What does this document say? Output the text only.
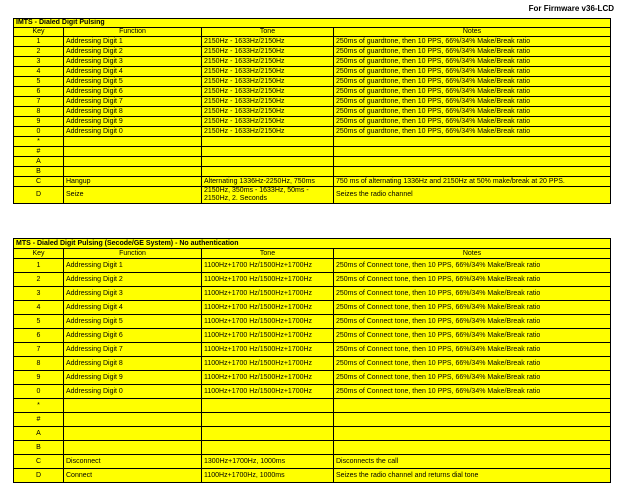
For Firmware v36-LCD
IMTS - Dialed Digit Pulsing			
Key	Function	Tone	Notes
1	Addressing Digit 1	2150Hz - 1633Hz/2150Hz	250ms of guardtone, then 10 PPS, 66%/34% Make/Break ratio
2	Addressing Digit 2	2150Hz - 1633Hz/2150Hz	250ms of guardtone, then 10 PPS, 66%/34% Make/Break ratio
3	Addressing Digit 3	2150Hz - 1633Hz/2150Hz	250ms of guardtone, then 10 PPS, 66%/34% Make/Break ratio
4	Addressing Digit 4	2150Hz - 1633Hz/2150Hz	250ms of guardtone, then 10 PPS, 66%/34% Make/Break ratio
5	Addressing Digit 5	2150Hz - 1633Hz/2150Hz	250ms of guardtone, then 10 PPS, 66%/34% Make/Break ratio
6	Addressing Digit 6	2150Hz - 1633Hz/2150Hz	250ms of guardtone, then 10 PPS, 66%/34% Make/Break ratio
7	Addressing Digit 7	2150Hz - 1633Hz/2150Hz	250ms of guardtone, then 10 PPS, 66%/34% Make/Break ratio
8	Addressing Digit 8	2150Hz - 1633Hz/2150Hz	250ms of guardtone, then 10 PPS, 66%/34% Make/Break ratio
9	Addressing Digit 9	2150Hz - 1633Hz/2150Hz	250ms of guardtone, then 10 PPS, 66%/34% Make/Break ratio
0	Addressing Digit 0	2150Hz - 1633Hz/2150Hz	250ms of guardtone, then 10 PPS, 66%/34% Make/Break ratio
*			
#			
A			
B			
C	Hangup	Alternating 1336Hz-2250Hz, 750ms	750 ms of alternating 1336Hz and 2150Hz at 50% make/break at 20 PPS.
D	Seize	2150Hz, 350ms - 1633Hz, 50ms - 2150Hz, 2. Seconds	Seizes the radio channel
MTS - Dialed Digit Pulsing (Secode/GE System) - No authentication			
Key	Function	Tone	Notes
1	Addressing Digit 1	1100Hz+1700 Hz/1500Hz+1700Hz	250ms of Connect tone, then 10 PPS, 66%/34% Make/Break ratio
2	Addressing Digit 2	1100Hz+1700 Hz/1500Hz+1700Hz	250ms of Connect tone, then 10 PPS, 66%/34% Make/Break ratio
3	Addressing Digit 3	1100Hz+1700 Hz/1500Hz+1700Hz	250ms of Connect tone, then 10 PPS, 66%/34% Make/Break ratio
4	Addressing Digit 4	1100Hz+1700 Hz/1500Hz+1700Hz	250ms of Connect tone, then 10 PPS, 66%/34% Make/Break ratio
5	Addressing Digit 5	1100Hz+1700 Hz/1500Hz+1700Hz	250ms of Connect tone, then 10 PPS, 66%/34% Make/Break ratio
6	Addressing Digit 6	1100Hz+1700 Hz/1500Hz+1700Hz	250ms of Connect tone, then 10 PPS, 66%/34% Make/Break ratio
7	Addressing Digit 7	1100Hz+1700 Hz/1500Hz+1700Hz	250ms of Connect tone, then 10 PPS, 66%/34% Make/Break ratio
8	Addressing Digit 8	1100Hz+1700 Hz/1500Hz+1700Hz	250ms of Connect tone, then 10 PPS, 66%/34% Make/Break ratio
9	Addressing Digit 9	1100Hz+1700 Hz/1500Hz+1700Hz	250ms of Connect tone, then 10 PPS, 66%/34% Make/Break ratio
0	Addressing Digit 0	1100Hz+1700 Hz/1500Hz+1700Hz	250ms of Connect tone, then 10 PPS, 66%/34% Make/Break ratio
*			
#			
A			
B			
C	Disconnect	1300Hz+1700Hz, 1000ms	Disconnects the call
D	Connect	1100Hz+1700Hz, 1000ms	Seizes the radio channel and returns dial tone
